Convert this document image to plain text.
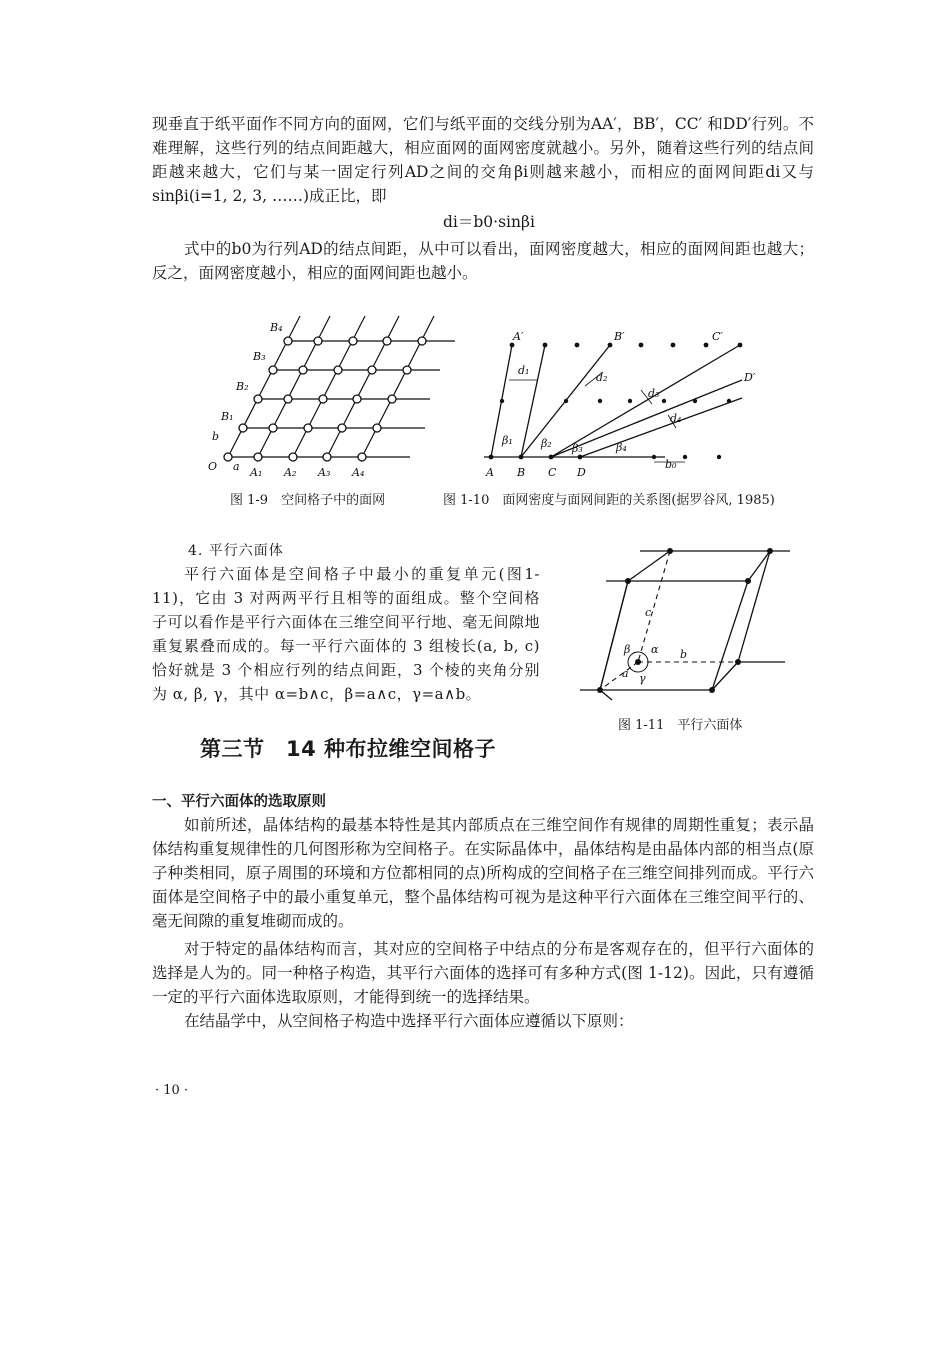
现垂直于纸平面作不同方向的面网，它们与纸平面的交线分别为AA′，BB′，CC′ 和DD′行列。不难理解，这些行列的结点间距越大，相应面网的面网密度就越小。另外，随着这些行列的结点间距越来越大，它们与某一固定行列AD之间的交角βi则越来越小，而相应的面网间距di又与sinβi(i=1, 2, 3, ……)成正比，即

di＝b0·sinβi

式中的b0为行列AD的结点间距，从中可以看出，面网密度越大，相应的面网间距也越大；反之，面网密度越小，相应的面网间距也越小。

O a
b
A₁ A₂ A₃ A₄
B₁
B₂
B₃
B₄
A B C D
A′	B′	C′
D′
d₁
d₂
d₃
d₄
β₁	β₂ β₃	β₄
b₀
a
b
c
α
β
γ
图 1-9　空间格子中的面网	图 1-10　面网密度与面网间距的关系图(据罗谷风, 1985)
4. 平行六面体

平行六面体是空间格子中最小的重复单元(图1-11)，它由 3 对两两平行且相等的面组成。整个空间格子可以看作是平行六面体在三维空间平行地、毫无间隙地重复累叠而成的。每一平行六面体的 3 组棱长(a, b, c)恰好就是 3 个相应行列的结点间距，3 个棱的夹角分别为 α, β, γ，其中 α=b∧c，β=a∧c，γ=a∧b。

图 1-11　平行六面体
第三节　14 种布拉维空间格子
一、平行六面体的选取原则

如前所述，晶体结构的最基本特性是其内部质点在三维空间作有规律的周期性重复；表示晶体结构重复规律性的几何图形称为空间格子。在实际晶体中，晶体结构是由晶体内部的相当点(原子种类相同，原子周围的环境和方位都相同的点)所构成的空间格子在三维空间排列而成。平行六面体是空间格子中的最小重复单元，整个晶体结构可视为是这种平行六面体在三维空间平行的、毫无间隙的重复堆砌而成的。

对于特定的晶体结构而言，其对应的空间格子中结点的分布是客观存在的，但平行六面体的选择是人为的。同一种格子构造，其平行六面体的选择可有多种方式(图 1-12)。因此，只有遵循一定的平行六面体选取原则，才能得到统一的选择结果。

在结晶学中，从空间格子构造中选择平行六面体应遵循以下原则：

· 10 ·
